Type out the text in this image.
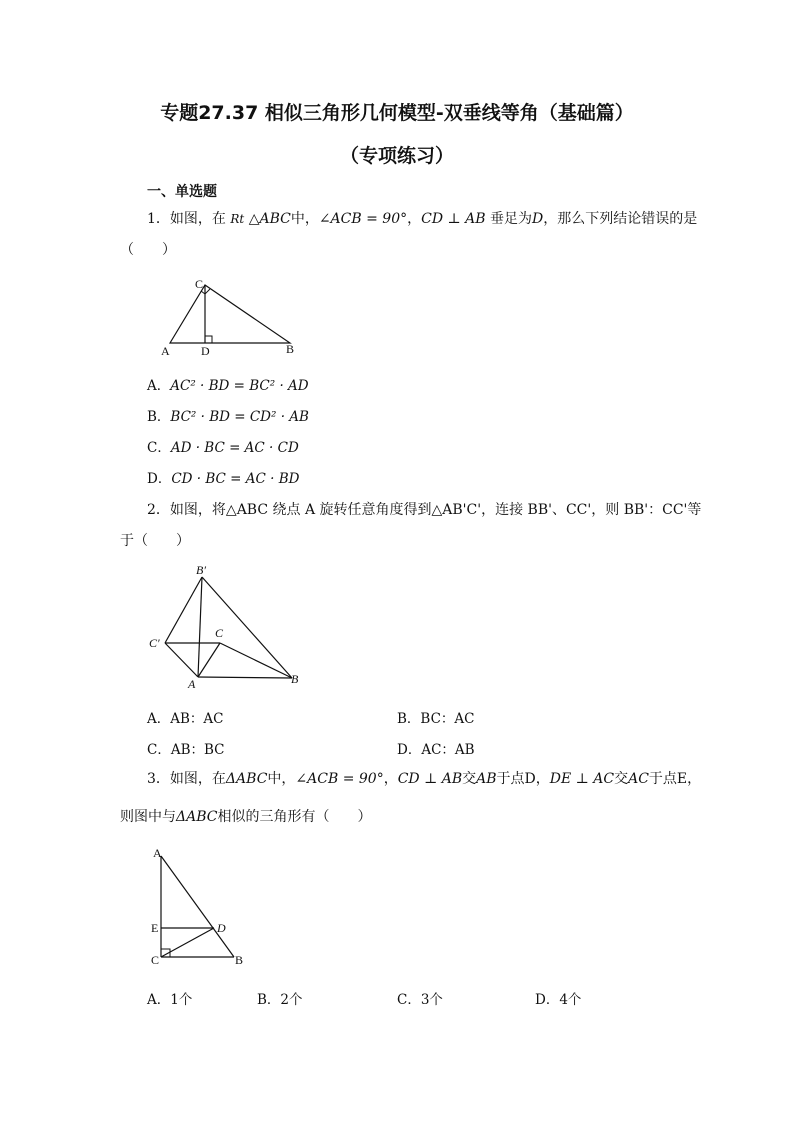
专题27.37 相似三角形几何模型-双垂线等角（基础篇）
（专项练习）
一、单选题
1．如图，在 Rt △ABC中，∠ACB = 90°，CD ⊥ AB 垂足为D，那么下列结论错误的是
（　　）
A	D	B
C
A．AC² · BD = BC² · AD
B．BC² · BD = CD² · AB
C．AD · BC = AC · CD
D．CD · BC = AC · BD
2．如图，将△ABC 绕点 A 旋转任意角度得到△AB'C'，连接 BB'、CC'，则 BB'：CC'等
于（　　）
B′
C′
C
A	B
A．AB：AC	B．BC：AC
C．AB：BC	D．AC：AB
3．如图，在ΔABC中，∠ACB = 90°，CD ⊥ AB交AB于点D，DE ⊥ AC交AC于点E，
则图中与ΔABC相似的三角形有（　　）
A
E	D
C	B
A．1个	B．2个	C．3个	D．4个
